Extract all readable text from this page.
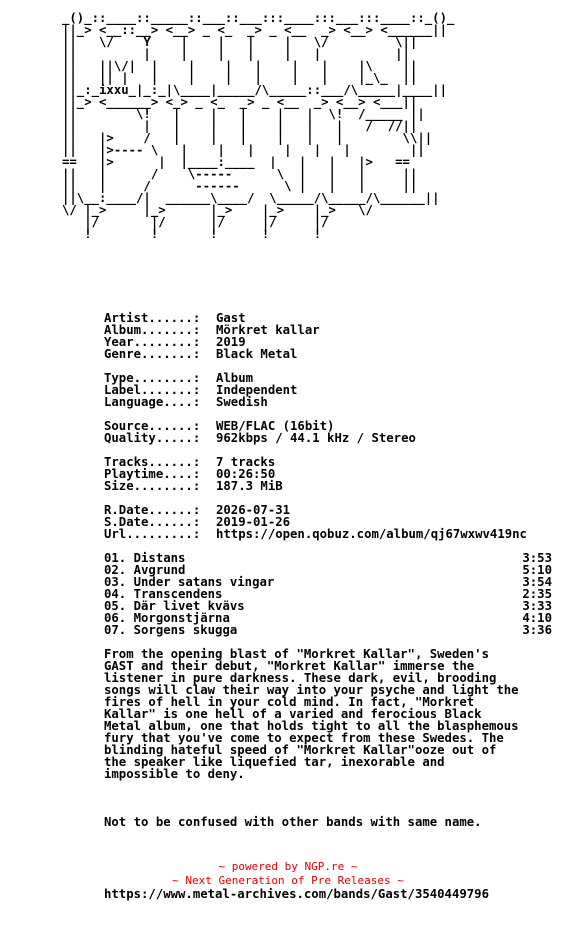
_()_::____::_____::___::___:::____:::___:::____::_()_
||_> <__::__> <__> _ <_  _> _ <__  _> <__> <______||
||   \/    Y    |    |   |    |   \/         \||
||         |    |    |   |    |   |          ||
||   ||\/|  |    |    |   |    |   |    |\    ||
||   || |   |    |    |   |    |   |    |_\_  ||
||_:_ixxu_|_:_|\____|_____/\_____::___/\_____|____||
||_> <______> <_> _ <_  _> _ <__  _> <__> <___||
||        \!   |    |   |    |   |  \!  /_____ ||
||         |   |    |   |    |   |   |   /  //||
||   |>    /   |    |   |    |   |   |        \\||
||   |>---- \   |    |   |    |   |   |        ||
==   |>      |  |____:____  |   |   |   |>   ==
||   |      /    \-----      \  |   |   |     ||
||   |     /      ------      \ |   |   |     ||
||\__:____/|  ______\____/  \_____/\_____/\______||
\/ |_>     |_>      |_>    |_>    |_>   \/
|/       |/      |/     |/     |/
!        !       !      !      !
Artist......: Gast
Album.......: Mörkret kallar
Year........: 2019
Genre.......: Black Metal
Type........: Album
Label.......: Independent
Language....: Swedish
Source......: WEB/FLAC (16bit)
Quality.....: 962kbps / 44.1 kHz / Stereo
Tracks......: 7 tracks
Playtime....: 00:26:50
Size........: 187.3 MiB
R.Date......: 2026-07-31
S.Date......: 2019-01-26
Url.........: https://open.qobuz.com/album/qj67wxwv419nc
01. Distans	3:53
02. Avgrund	5:10
03. Under satans vingar	3:54
04. Transcendens	2:35
05. Där livet kvävs	3:33
06. Morgonstjärna	4:10
07. Sorgens skugga	3:36
From the opening blast of "Morkret Kallar", Sweden's
GAST and their debut, "Morkret Kallar" immerse the
listener in pure darkness. These dark, evil, brooding
songs will claw their way into your psyche and light the
fires of hell in your cold mind. In fact, "Morkret
Kallar" is one hell of a varied and ferocious Black
Metal album, one that holds tight to all the blasphemous
fury that you've come to expect from these Swedes. The
blinding hateful speed of "Morkret Kallar"ooze out of
the speaker like liquefied tar, inexorable and
impossible to deny.

Not to be confused with other bands with same name.

https://www.metal-archives.com/bands/Gast/3540449796

~ powered by NGP.re ~
~ Next Generation of Pre Releases ~
